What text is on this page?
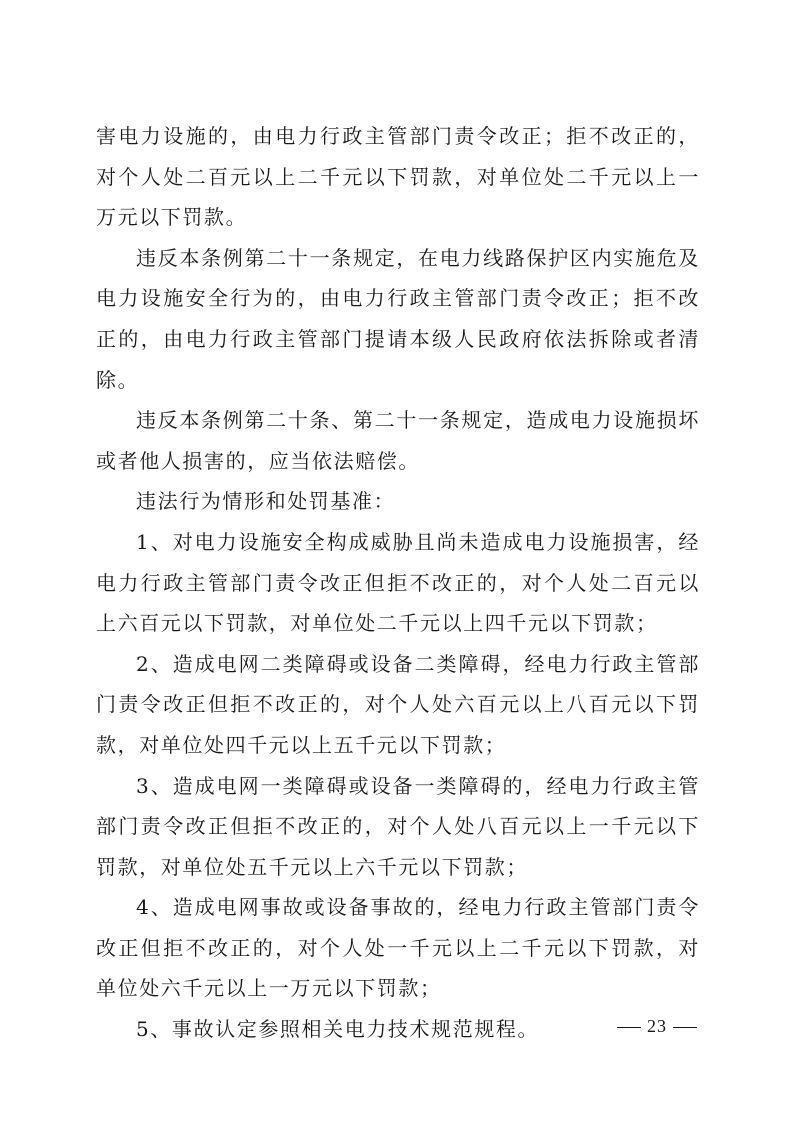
害电力设施的，由电力行政主管部门责令改正；拒不改正的，对个人处二百元以上二千元以下罚款，对单位处二千元以上一万元以下罚款。

违反本条例第二十一条规定，在电力线路保护区内实施危及电力设施安全行为的，由电力行政主管部门责令改正；拒不改正的，由电力行政主管部门提请本级人民政府依法拆除或者清除。

违反本条例第二十条、第二十一条规定，造成电力设施损坏或者他人损害的，应当依法赔偿。

违法行为情形和处罚基准：

1、对电力设施安全构成威胁且尚未造成电力设施损害，经电力行政主管部门责令改正但拒不改正的，对个人处二百元以上六百元以下罚款，对单位处二千元以上四千元以下罚款；

2、造成电网二类障碍或设备二类障碍，经电力行政主管部门责令改正但拒不改正的，对个人处六百元以上八百元以下罚款，对单位处四千元以上五千元以下罚款；

3、造成电网一类障碍或设备一类障碍的，经电力行政主管部门责令改正但拒不改正的，对个人处八百元以上一千元以下罚款，对单位处五千元以上六千元以下罚款；

4、造成电网事故或设备事故的，经电力行政主管部门责令改正但拒不改正的，对个人处一千元以上二千元以下罚款，对单位处六千元以上一万元以下罚款；

5、事故认定参照相关电力技术规范规程。	23
